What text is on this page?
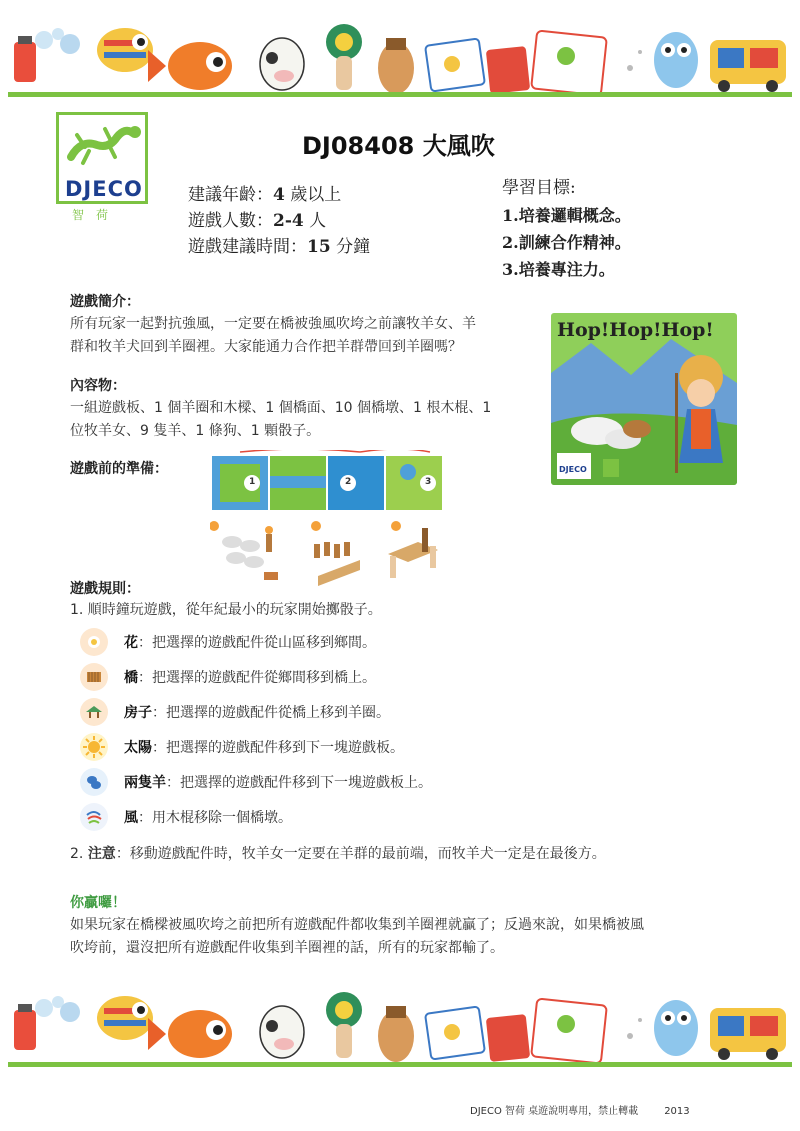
DJECO
智荷
DJ08408 大風吹
建議年齡：4 歲以上
遊戲人數：2-4 人
遊戲建議時間：15 分鐘
學習目標:
1.培養邏輯概念。
2.訓練合作精神。
3.培養專注力。
遊戲簡介：
所有玩家一起對抗強風，一定要在橋被強風吹垮之前讓牧羊女、羊
群和牧羊犬回到羊圈裡。大家能通力合作把羊群帶回到羊圈嗎？
內容物：
一組遊戲板、1 個羊圈和木樑、1 個橋面、10 個橋墩、1 根木棍、1
位牧羊女、9 隻羊、1 條狗、1 顆骰子。
Hop!Hop!Hop!
DJECO
遊戲前的準備：
1	2	3
遊戲規則：
1. 順時鐘玩遊戲，從年紀最小的玩家開始擲骰子。
花：把選擇的遊戲配件從山區移到鄉間。
橋：把選擇的遊戲配件從鄉間移到橋上。
房子：把選擇的遊戲配件從橋上移到羊圈。
太陽：把選擇的遊戲配件移到下一塊遊戲板。
兩隻羊：把選擇的遊戲配件移到下一塊遊戲板上。
風：用木棍移除一個橋墩。
2. 注意：移動遊戲配件時，牧羊女一定要在羊群的最前端，而牧羊犬一定是在最後方。
你贏囉！
如果玩家在橋樑被風吹垮之前把所有遊戲配件都收集到羊圈裡就贏了；反過來說，如果橋被風
吹垮前，還沒把所有遊戲配件收集到羊圈裡的話，所有的玩家都輸了。
DJECO 智荷 桌遊說明專用，禁止轉載	2013
